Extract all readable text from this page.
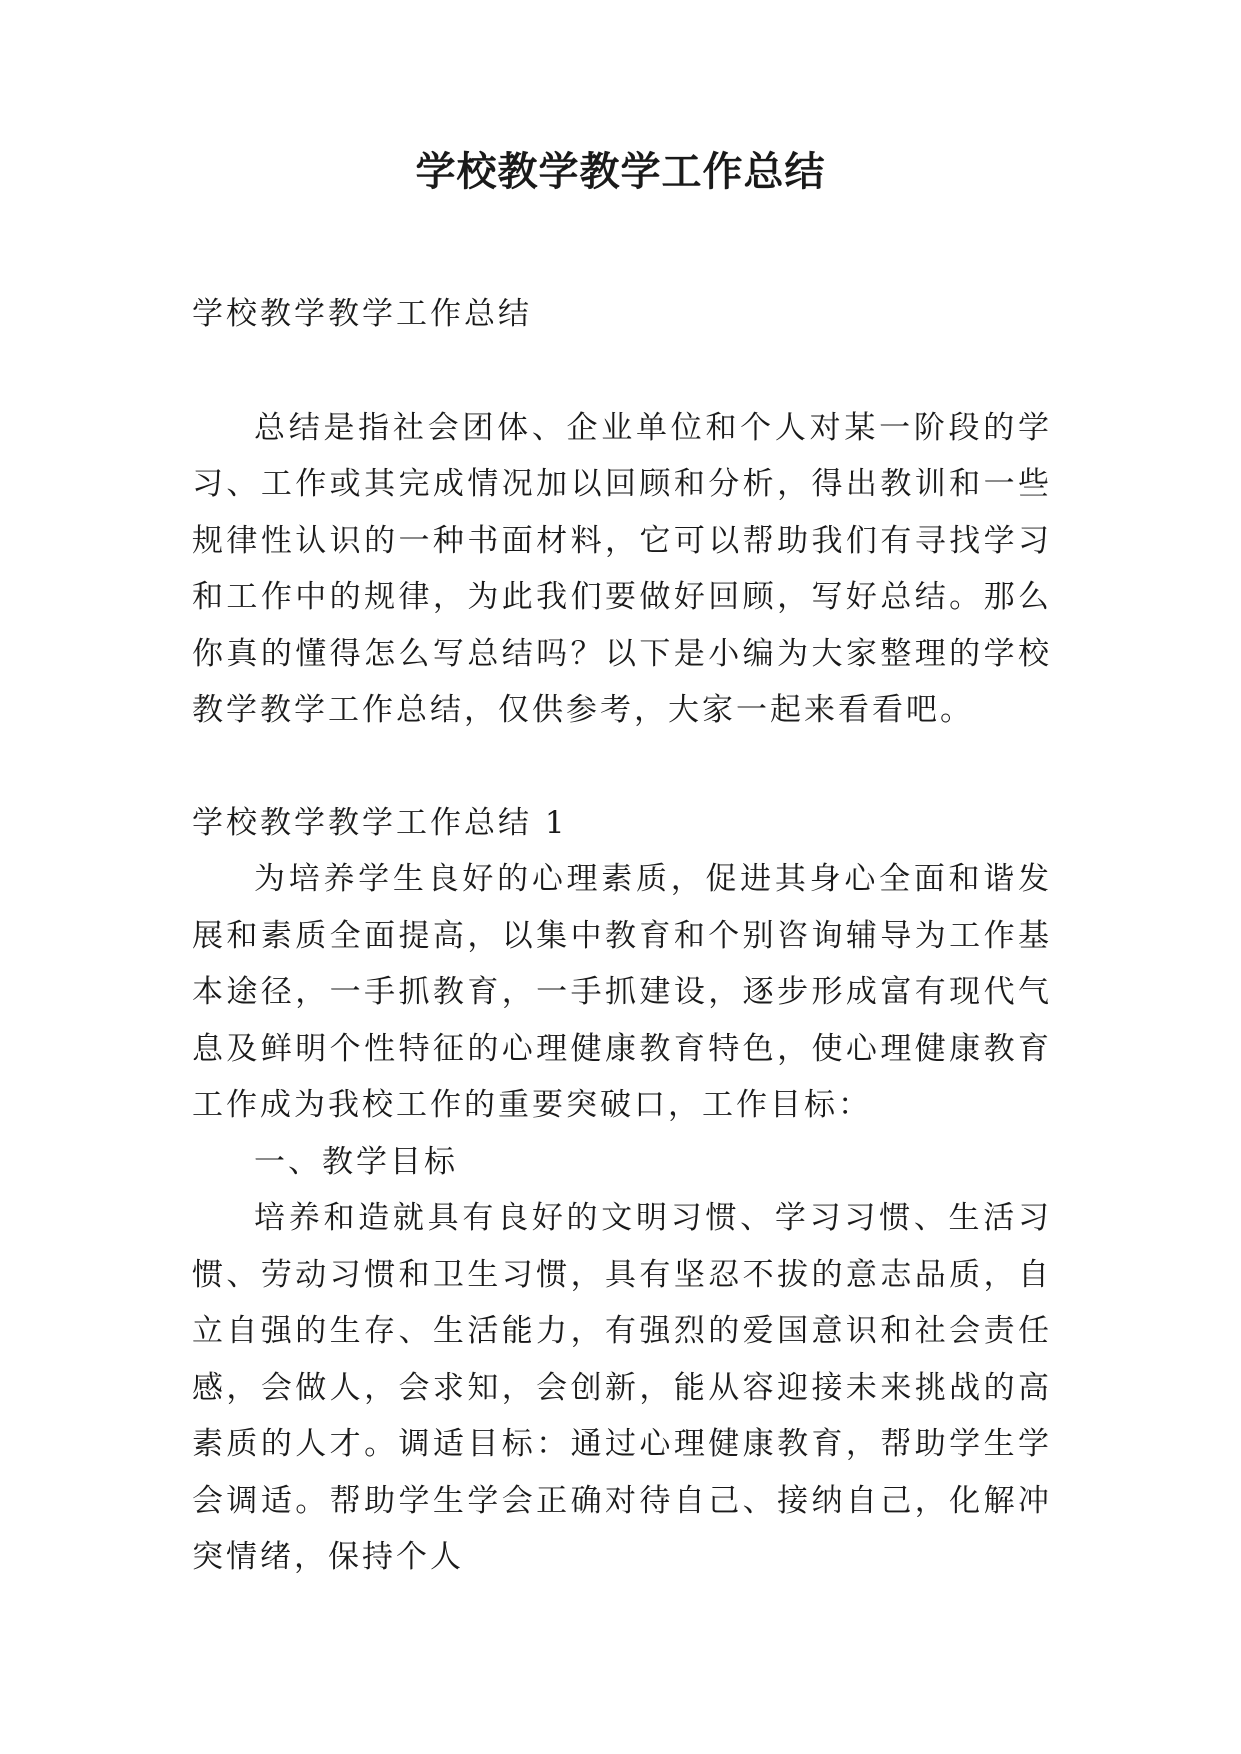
学校教学教学工作总结

学校教学教学工作总结

总结是指社会团体、企业单位和个人对某一阶段的学习、工作或其完成情况加以回顾和分析，得出教训和一些规律性认识的一种书面材料，它可以帮助我们有寻找学习和工作中的规律，为此我们要做好回顾，写好总结。那么你真的懂得怎么写总结吗？以下是小编为大家整理的学校教学教学工作总结，仅供参考，大家一起来看看吧。

学校教学教学工作总结 1

为培养学生良好的心理素质，促进其身心全面和谐发展和素质全面提高，以集中教育和个别咨询辅导为工作基本途径，一手抓教育，一手抓建设，逐步形成富有现代气息及鲜明个性特征的心理健康教育特色，使心理健康教育工作成为我校工作的重要突破口，工作目标：

一、教学目标

培养和造就具有良好的文明习惯、学习习惯、生活习惯、劳动习惯和卫生习惯，具有坚忍不拔的意志品质，自立自强的生存、生活能力，有强烈的爱国意识和社会责任感，会做人，会求知，会创新，能从容迎接未来挑战的高素质的人才。调适目标：通过心理健康教育，帮助学生学会调适。帮助学生学会正确对待自己、接纳自己，化解冲突情绪，保持个人
